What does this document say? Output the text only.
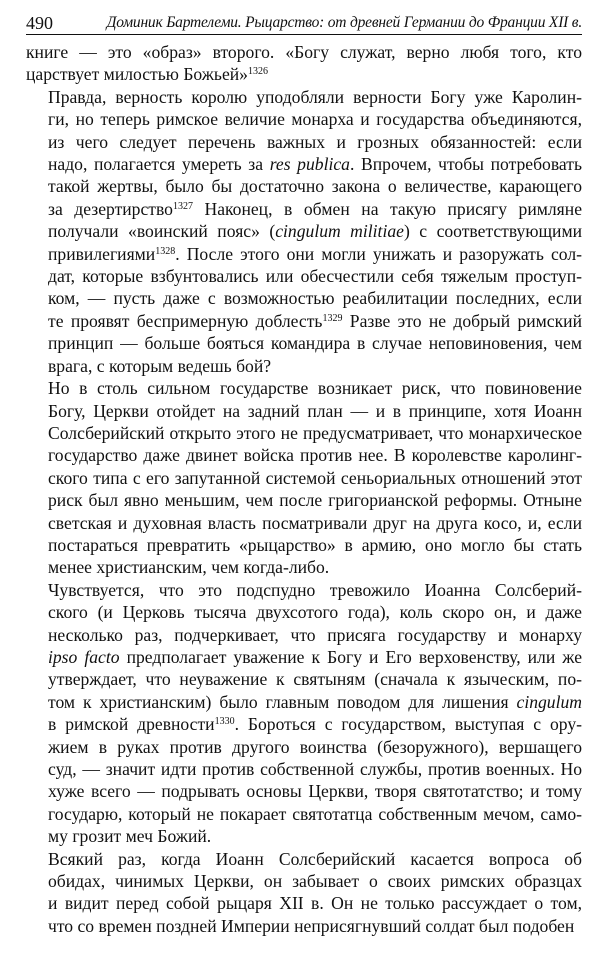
490	Доминик Бартелеми. Рыцарство: от древней Германии до Франции XII в.

книге — это «образ» второго. «Богу служат, верно любя того, кто
царствует милостью Божьей»$^{1326}$

Правда, верность королю уподобляли верности Богу уже Каролин-
ги, но теперь римское величие монарха и государства объединяются,
из чего следует перечень важных и грозных обязанностей: если
надо, полагается умереть за res publica. Впрочем, чтобы потребовать
такой жертвы, было бы достаточно закона о величестве, карающего
за дезертирство$^{1327}$ Наконец, в обмен на такую присягу римляне
получали «воинский пояс» (cingulum militiae) с соответствующими
привилегиями$^{1328}$. После этого они могли унижать и разоружать сол-
дат, которые взбунтовались или обесчестили себя тяжелым проступ-
ком, — пусть даже с возможностью реабилитации последних, если
те проявят беспримерную доблесть$^{1329}$ Разве это не добрый римский
принцип — больше бояться командира в случае неповиновения, чем
врага, с которым ведешь бой?

Но в столь сильном государстве возникает риск, что повиновение
Богу, Церкви отойдет на задний план — и в принципе, хотя Иоанн
Солсберийский открыто этого не предусматривает, что монархическое
государство даже двинет войска против нее. В королевстве каролинг-
ского типа с его запутанной системой сеньориальных отношений этот
риск был явно меньшим, чем после григорианской реформы. Отныне
светская и духовная власть посматривали друг на друга косо, и, если
постараться превратить «рыцарство» в армию, оно могло бы стать
менее христианским, чем когда-либо.

Чувствуется, что это подспудно тревожило Иоанна Солсберий-
ского (и Церковь тысяча двухсотого года), коль скоро он, и даже
несколько раз, подчеркивает, что присяга государству и монарху
ipso facto предполагает уважение к Богу и Его верховенству, или же
утверждает, что неуважение к святыням (сначала к языческим, по-
том к христианским) было главным поводом для лишения cingulum
в римской древности$^{1330}$. Бороться с государством, выступая с ору-
жием в руках против другого воинства (безоружного), вершащего
суд, — значит идти против собственной службы, против военных. Но
хуже всего — подрывать основы Церкви, творя святотатство; и тому
государю, который не покарает святотатца собственным мечом, само-
му грозит меч Божий.

Всякий раз, когда Иоанн Солсберийский касается вопроса об
обидах, чинимых Церкви, он забывает о своих римских образцах
и видит перед собой рыцаря XII в. Он не только рассуждает о том,
что со времен поздней Империи неприсягнувший солдат был подобен
